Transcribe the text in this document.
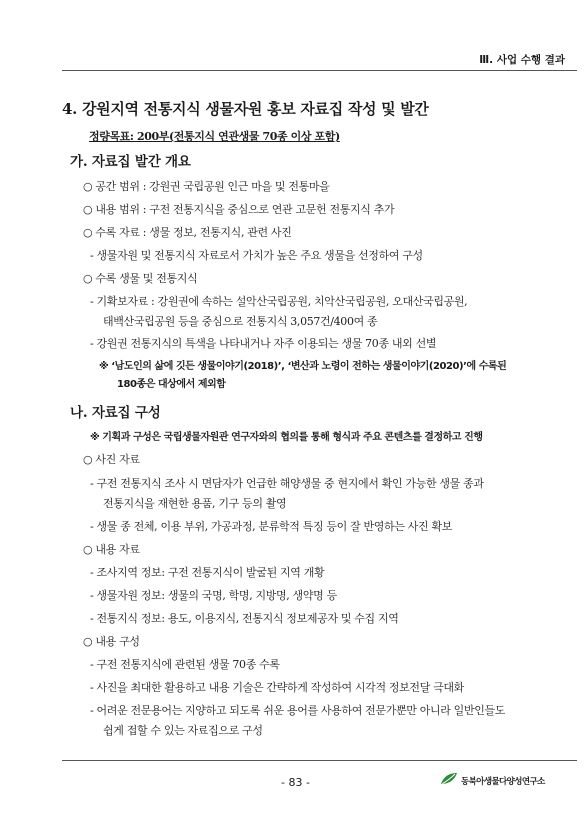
Ⅲ. 사업 수행 결과
4. 강원지역 전통지식 생물자원 홍보 자료집 작성 및 발간
정량목표: 200부(전통지식 연관생물 70종 이상 포함)
가. 자료집 발간 개요
○ 공간 범위 : 강원권 국립공원 인근 마을 및 전통마을
○ 내용 범위 : 구전 전통지식을 중심으로 연관 고문헌 전통지식 추가
○ 수록 자료 : 생물 정보, 전통지식, 관련 사진
- 생물자원 및 전통지식 자료로서 가치가 높은 주요 생물을 선정하여 구성
○ 수록 생물 및 전통지식
- 기확보자료 : 강원권에 속하는 설악산국립공원, 치악산국립공원, 오대산국립공원,
태백산국립공원 등을 중심으로 전통지식 3,057건/400여 종
- 강원권 전통지식의 특색을 나타내거나 자주 이용되는 생물 70종 내외 선별
※ ‘남도인의 삶에 깃든 생물이야기(2018)’, ‘변산과 노령이 전하는 생물이야기(2020)’에 수록된
180종은 대상에서 제외함
나. 자료집 구성
※ 기획과 구성은 국립생물자원관 연구자와의 협의를 통해 형식과 주요 콘텐츠를 결정하고 진행
○ 사진 자료
- 구전 전통지식 조사 시 면담자가 언급한 해양생물 중 현지에서 확인 가능한 생물 종과
전통지식을 재현한 용품, 기구 등의 촬영
- 생물 종 전체, 이용 부위, 가공과정, 분류학적 특징 등이 잘 반영하는 사진 확보
○ 내용 자료
- 조사지역 정보: 구전 전통지식이 발굴된 지역 개황
- 생물자원 정보: 생물의 국명, 학명, 지방명, 생약명 등
- 전통지식 정보: 용도, 이용지식, 전통지식 정보제공자 및 수집 지역
○ 내용 구성
- 구전 전통지식에 관련된 생물 70종 수록
- 사진을 최대한 활용하고 내용 기술은 간략하게 작성하여 시각적 정보전달 극대화
- 어려운 전문용어는 지양하고 되도록 쉬운 용어를 사용하여 전문가뿐만 아니라 일반인들도
쉽게 접할 수 있는 자료집으로 구성
- 83 -	동북아생물다양성연구소
